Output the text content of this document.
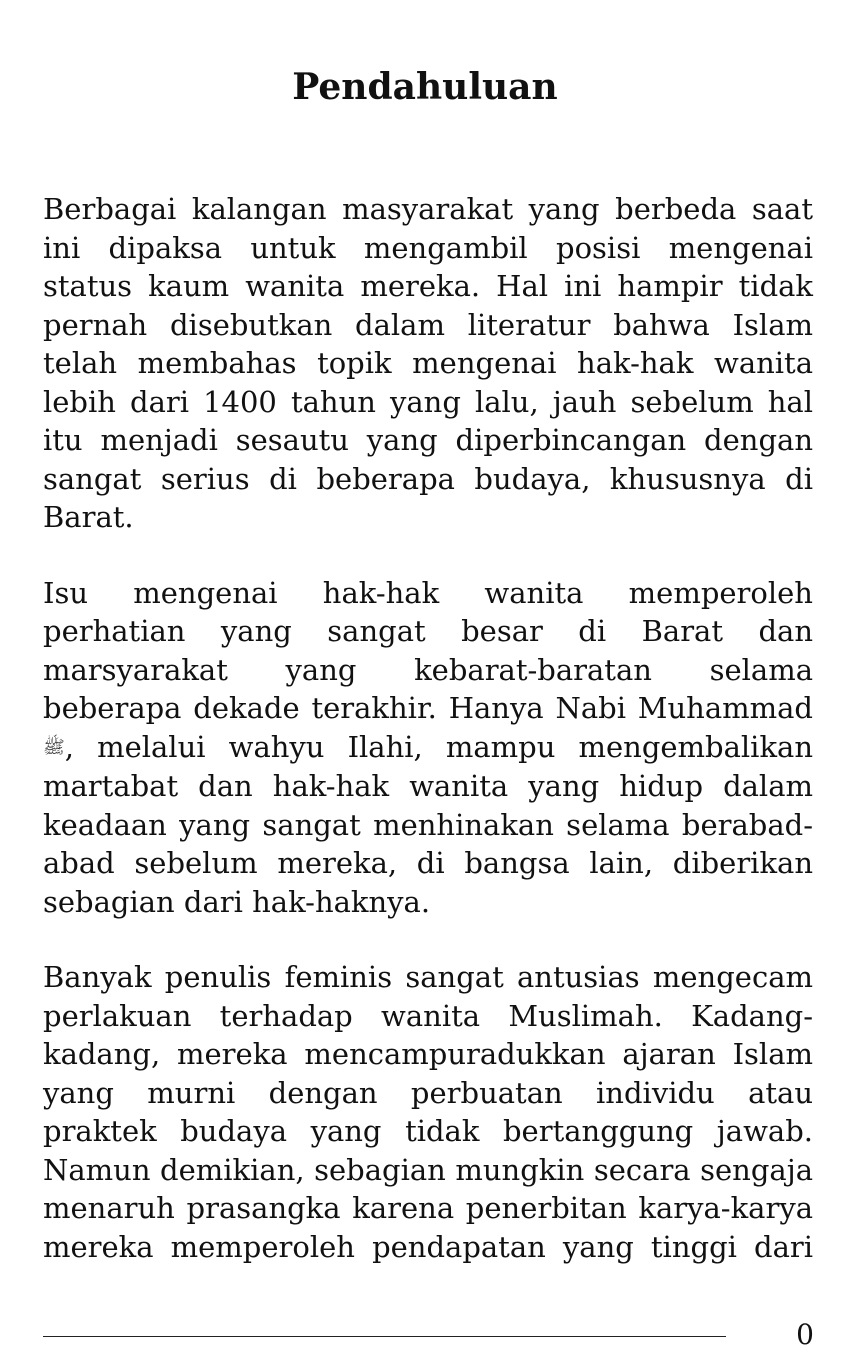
Pendahuluan

Berbagai kalangan masyarakat yang berbeda saat ini dipaksa untuk mengambil posisi mengenai status kaum wanita mereka. Hal ini hampir tidak pernah disebutkan dalam literatur bahwa Islam telah membahas topik mengenai hak-hak wanita lebih dari 1400 tahun yang lalu, jauh sebelum hal itu menjadi sesautu yang diperbincangan dengan sangat serius di beberapa budaya, khususnya di Barat.

Isu mengenai hak-hak wanita memperoleh perhatian yang sangat besar di Barat dan marsyarakat yang kebarat-baratan selama beberapa dekade terakhir. Hanya Nabi Muhammad ﷺ, melalui wahyu Ilahi, mampu mengembalikan martabat dan hak-hak wanita yang hidup dalam keadaan yang sangat menhinakan selama berabad-abad sebelum mereka, di bangsa lain, diberikan sebagian dari hak-haknya.

Banyak penulis feminis sangat antusias mengecam perlakuan terhadap wanita Muslimah. Kadang-kadang, mereka mencampuradukkan ajaran Islam yang murni dengan perbuatan individu atau praktek budaya yang tidak bertanggung jawab. Namun demikian, sebagian mungkin secara sengaja menaruh prasangka karena penerbitan karya-karya mereka memperoleh pendapatan yang tinggi dari

0
